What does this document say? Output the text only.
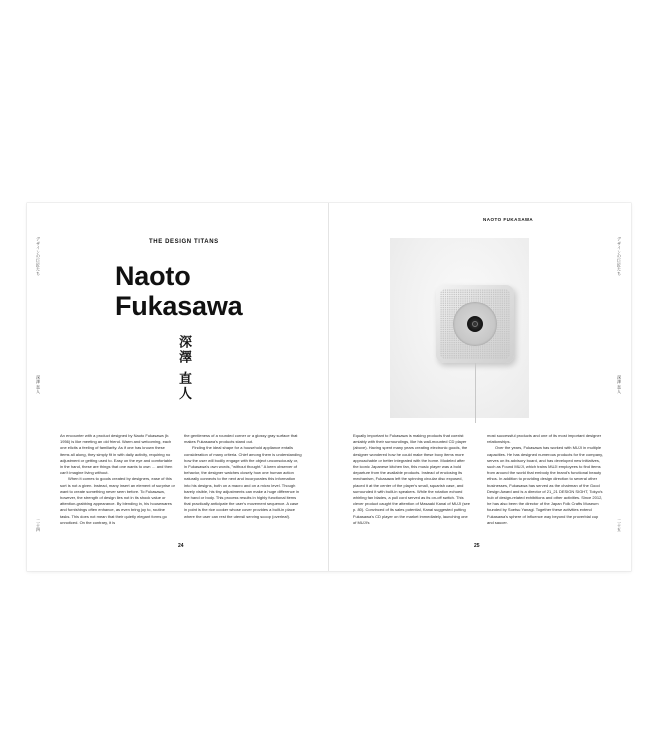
デザインの巨匠たち
深澤 直人
二十四
THE DESIGN TITANS
Naoto
Fukasawa
深澤 直人

An encounter with a product designed by Naoto Fukasawa (b. 1956) is like meeting an old friend. Warm and welcoming, each one elicits a feeling of familiarity. As if one has known these items all along, they simply fit in with daily activity, requiring no adjustment or getting used to. Easy on the eye and comfortable in the hand, these are things that one wants to own … and then can't imagine living without.

When it comes to goods created by designers, ease of this sort is not a given. Instead, many insert an element of surprise or want to create something never seen before. To Fukasawa, however, the strength of design lies not in its shock value or attention-grabbing appearance. By blending in, his housewares and furnishings often enhance, as even bring joy to, routine tasks. This does not mean that their quietly elegant forms go unnoticed. On the contrary, it is

the gentleness of a rounded corner or a glossy gray surface that makes Fukasawa's products stand out.

Finding the ideal shape for a household appliance entails consideration of many criteria. Chief among them is understanding how the user will bodily engage with the object unconsciously or, in Fukasawa's own words, "without thought." A keen observer of behavior, the designer watches closely how one human action naturally connects to the next and incorporates this information into his designs, both on a macro and on a micro level. Though barely visible, his tiny adjustments can make a huge difference in the hand or body. This process results in highly functional items that practically anticipate the user's movement sequence. A case in point is the rice cooker whose cover provides a built-in place where the user can rest the utensil serving scoop (overleaf).

24
NAOTO FUKASAWA
デザインの巨匠たち
深澤 直人
二十五

Equally important to Fukasawa is making products that coexist amiably with their surroundings, like his wall-mounted CD player (above). Having spent many years creating electronic goods, the designer wondered how he could make these boxy items more approachable or better integrated with the home. Modeled after the iconic Japanese kitchen fan, this music player was a bold departure from the available products. Instead of enclosing its mechanism, Fukasawa left the spinning circular disc exposed, placed it at the center of the player's small, squarish case, and surrounded it with built-in speakers. While the rotation echoed whirling fan blades, a pull cord served as its on-off switch. This clever product caught the attention of Masaaki Kanai of MUJI (see p. 80). Convinced of its sales potential, Kanai suggested putting Fukasawa's CD player on the market immediately, launching one of MUJI's

most successful products and one of its most important designer relationships.

Over the years, Fukasawa has worked with MUJI in multiple capacities. He has designed numerous products for the company, serves on its advisory board, and has developed new initiatives, such as Found MUJI, which trains MUJI employees to find items from around the world that embody the brand's functional beauty ethos. In addition to providing design direction to several other businesses, Fukasawa has served as the chairman of the Good Design Award and is a director of 21_21 DESIGN SIGHT, Tokyo's hub of design-related exhibitions and other activities. Since 2012, he has also been the director of the Japan Folk Crafts Museum founded by Soetsu Yanagi. Together these activities extend Fukasawa's sphere of influence way beyond the proverbial cup and saucer.

25
